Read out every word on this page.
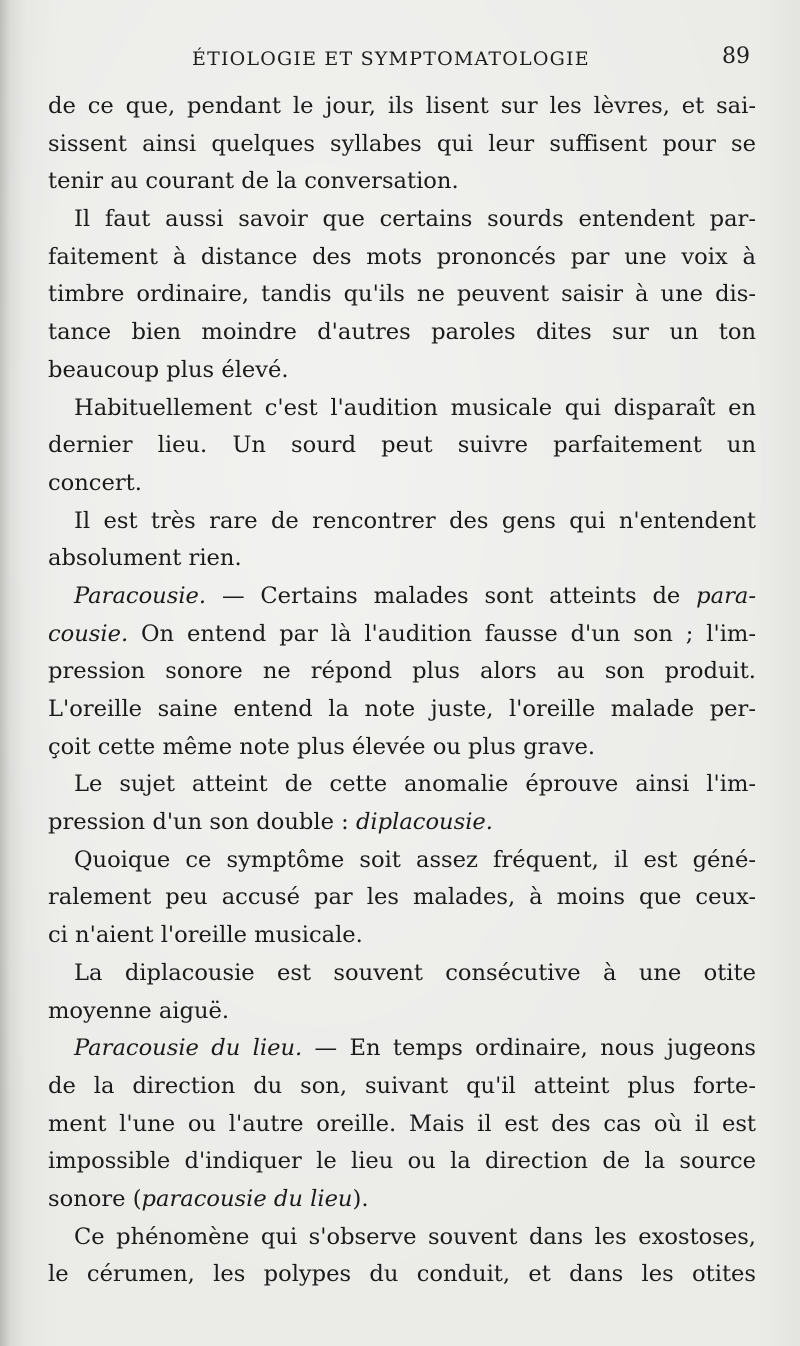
ÉTIOLOGIE ET SYMPTOMATOLOGIE	89
de ce que, pendant le jour, ils lisent sur les lèvres, et sai-
sissent ainsi quelques syllabes qui leur suffisent pour se
tenir au courant de la conversation.
Il faut aussi savoir que certains sourds entendent par-
faitement à distance des mots prononcés par une voix à
timbre ordinaire, tandis qu'ils ne peuvent saisir à une dis-
tance bien moindre d'autres paroles dites sur un ton
beaucoup plus élevé.
Habituellement c'est l'audition musicale qui disparaît en
dernier lieu. Un sourd peut suivre parfaitement un
concert.
Il est très rare de rencontrer des gens qui n'entendent
absolument rien.
Paracousie. — Certains malades sont atteints de para-
cousie. On entend par là l'audition fausse d'un son ; l'im-
pression sonore ne répond plus alors au son produit.
L'oreille saine entend la note juste, l'oreille malade per-
çoit cette même note plus élevée ou plus grave.
Le sujet atteint de cette anomalie éprouve ainsi l'im-
pression d'un son double : diplacousie.
Quoique ce symptôme soit assez fréquent, il est géné-
ralement peu accusé par les malades, à moins que ceux-
ci n'aient l'oreille musicale.
La diplacousie est souvent consécutive à une otite
moyenne aiguë.
Paracousie du lieu. — En temps ordinaire, nous jugeons
de la direction du son, suivant qu'il atteint plus forte-
ment l'une ou l'autre oreille. Mais il est des cas où il est
impossible d'indiquer le lieu ou la direction de la source
sonore (paracousie du lieu).
Ce phénomène qui s'observe souvent dans les exostoses,
le cérumen, les polypes du conduit, et dans les otites
